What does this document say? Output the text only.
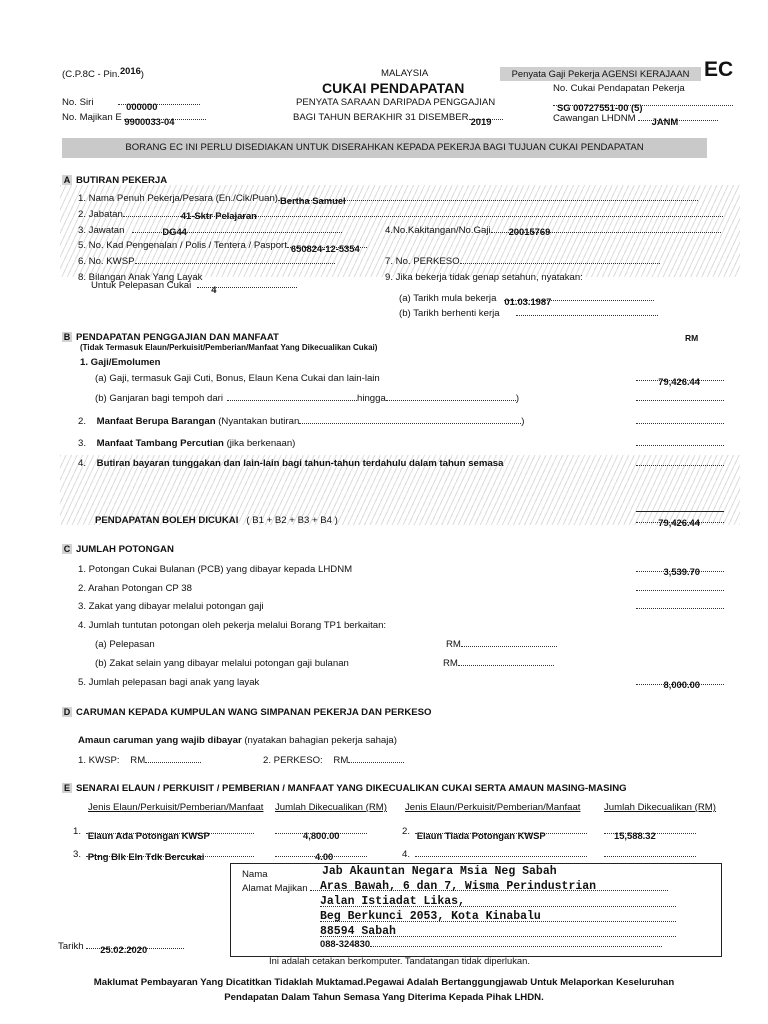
(C.P.8C - Pin.2016)	MALAYSIA	Penyata Gaji Pekerja AGENSI KERAJAAN EC
CUKAI PENDAPATAN
No. Siri	000000
No. Majikan E 9900033-04
PENYATA SARAAN DARIPADA PENGGAJIAN
BAGI TAHUN BERAKHIR 31 DISEMBER 2019
No. Cukai Pendapatan Pekerja
SG 00727551-00 (5)
Cawangan LHDNM JANM
BORANG EC INI PERLU DISEDIAKAN UNTUK DISERAHKAN KEPADA PEKERJA BAGI TUJUAN CUKAI PENDAPATAN
A BUTIRAN PEKERJA
1. Nama Penuh Pekerja/Pesara (En./Cik/Puan) Bertha Samuel
2. Jabatan	41-Sktr Pelajaran
3. Jawatan	DG44	4.No.Kakitangan/No.Gaji 20015769
5. No. Kad Pengenalan / Polis / Tentera / Pasport 650824-12-5354
6. No. KWSP	7. No. PERKESO
8. Bilangan Anak Yang Layak
Untuk Pelepasan Cukai 4
9. Jika bekerja tidak genap setahun, nyatakan:
(a) Tarikh mula bekerja 01.03.1987
(b) Tarikh berhenti kerja
B PENDAPATAN PENGGAJIAN DAN MANFAAT
(Tidak Termasuk Elaun/Perkuisit/Pemberian/Manfaat Yang Dikecualikan Cukai)
RM
1. Gaji/Emolumen
(a) Gaji, termasuk Gaji Cuti, Bonus, Elaun Kena Cukai dan lain-lain	79,426.44
(b) Ganjaran bagi tempoh dari	hingga	)
2.    Manfaat Berupa Barangan (Nyantakan butiran	)
3.    Manfaat Tambang Percutian (jika berkenaan)
4.    Butiran bayaran tunggakan dan lain-lain bagi tahun-tahun terdahulu dalam tahun semasa
PENDAPATAN BOLEH DICUKAI ( B1 + B2 + B3 + B4 )	79,426.44
C JUMLAH POTONGAN
1. Potongan Cukai Bulanan (PCB) yang dibayar kepada LHDNM	3,539.70
2. Arahan Potongan CP 38
3. Zakat yang dibayar melalui potongan gaji
4. Jumlah tuntutan potongan oleh pekerja melalui Borang TP1 berkaitan:
(a) Pelepasan	RM
(b) Zakat selain yang dibayar melalui potongan gaji bulanan	RM
5. Jumlah pelepasan bagi anak yang layak	8,000.00
D CARUMAN KEPADA KUMPULAN WANG SIMPANAN PEKERJA DAN PERKESO
Amaun caruman yang wajib dibayar (nyatakan bahagian pekerja sahaja)
1. KWSP: RM	2. PERKESO: RM
E SENARAI ELAUN / PERKUISIT / PEMBERIAN / MANFAAT YANG DIKECUALIKAN CUKAI SERTA AMAUN MASING-MASING
Jenis Elaun/Perkuisit/Pemberian/Manfaat Jumlah Dikecualikan (RM) Jenis Elaun/Perkuisit/Pemberian/Manfaat Jumlah Dikecualikan (RM)
1. Elaun Ada Potongan KWSP	4,800.00	2. Elaun Tiada Potongan KWSP	15,588.32
3. Ptng Blk Eln Tdk Bercukai	4.00	4.
Nama	Jab Akauntan Negara Msia Neg Sabah
Alamat Majikan	Aras Bawah, 6 dan 7, Wisma Perindustrian
Jalan Istiadat Likas,
Beg Berkunci 2053, Kota Kinabalu
88594 Sabah
088-324830
Ini adalah cetakan berkomputer. Tandatangan tidak diperlukan.
Tarikh 25.02.2020
Maklumat Pembayaran Yang Dicatitkan Tidaklah Muktamad.Pegawai Adalah Bertanggungjawab Untuk Melaporkan Keseluruhan
Pendapatan Dalam Tahun Semasa Yang Diterima Kepada Pihak LHDN.
